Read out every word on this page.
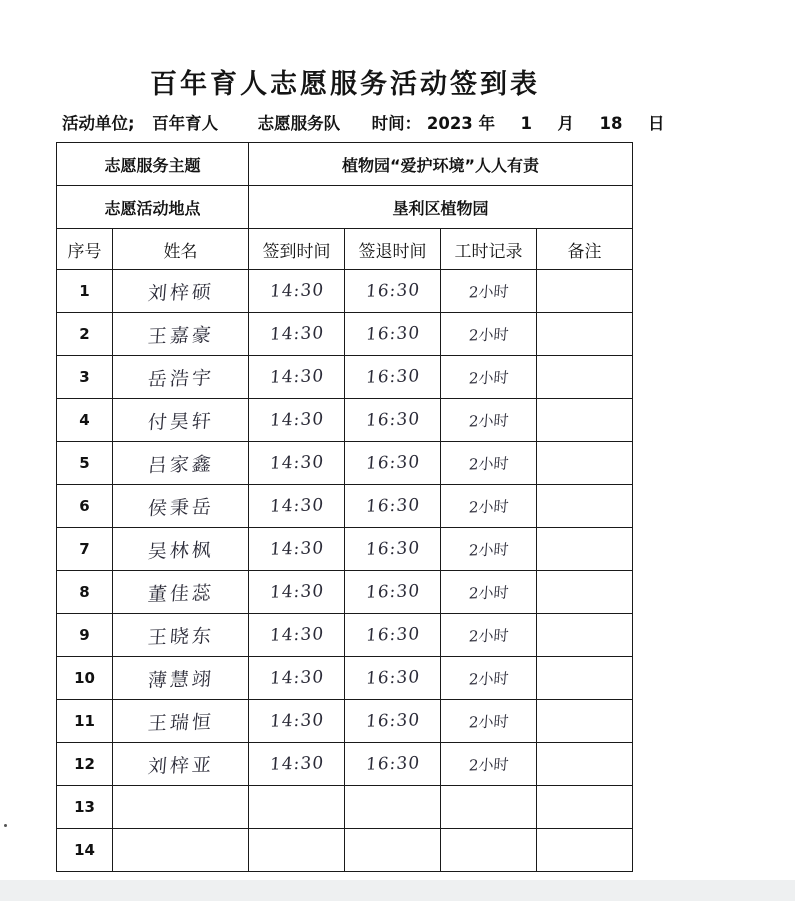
百年育人志愿服务活动签到表
活动单位; 百年育人 志愿服务队 时间： 2023 年 1 月 18 日
志愿服务主题		植物园“爱护环境”人人有责			
志愿活动地点		垦利区植物园			
序号	姓名	签到时间	签退时间	工时记录	备注
1	刘梓硕	14:30	16:30	2小时	
2	王嘉豪	14:30	16:30	2小时	
3	岳浩宇	14:30	16:30	2小时	
4	付昊轩	14:30	16:30	2小时	
5	吕家鑫	14:30	16:30	2小时	
6	侯秉岳	14:30	16:30	2小时	
7	吴林枫	14:30	16:30	2小时	
8	董佳蕊	14:30	16:30	2小时	
9	王晓东	14:30	16:30	2小时	
10	薄慧翊	14:30	16:30	2小时	
11	王瑞恒	14:30	16:30	2小时	
12	刘梓亚	14:30	16:30	2小时	
13					
14					
